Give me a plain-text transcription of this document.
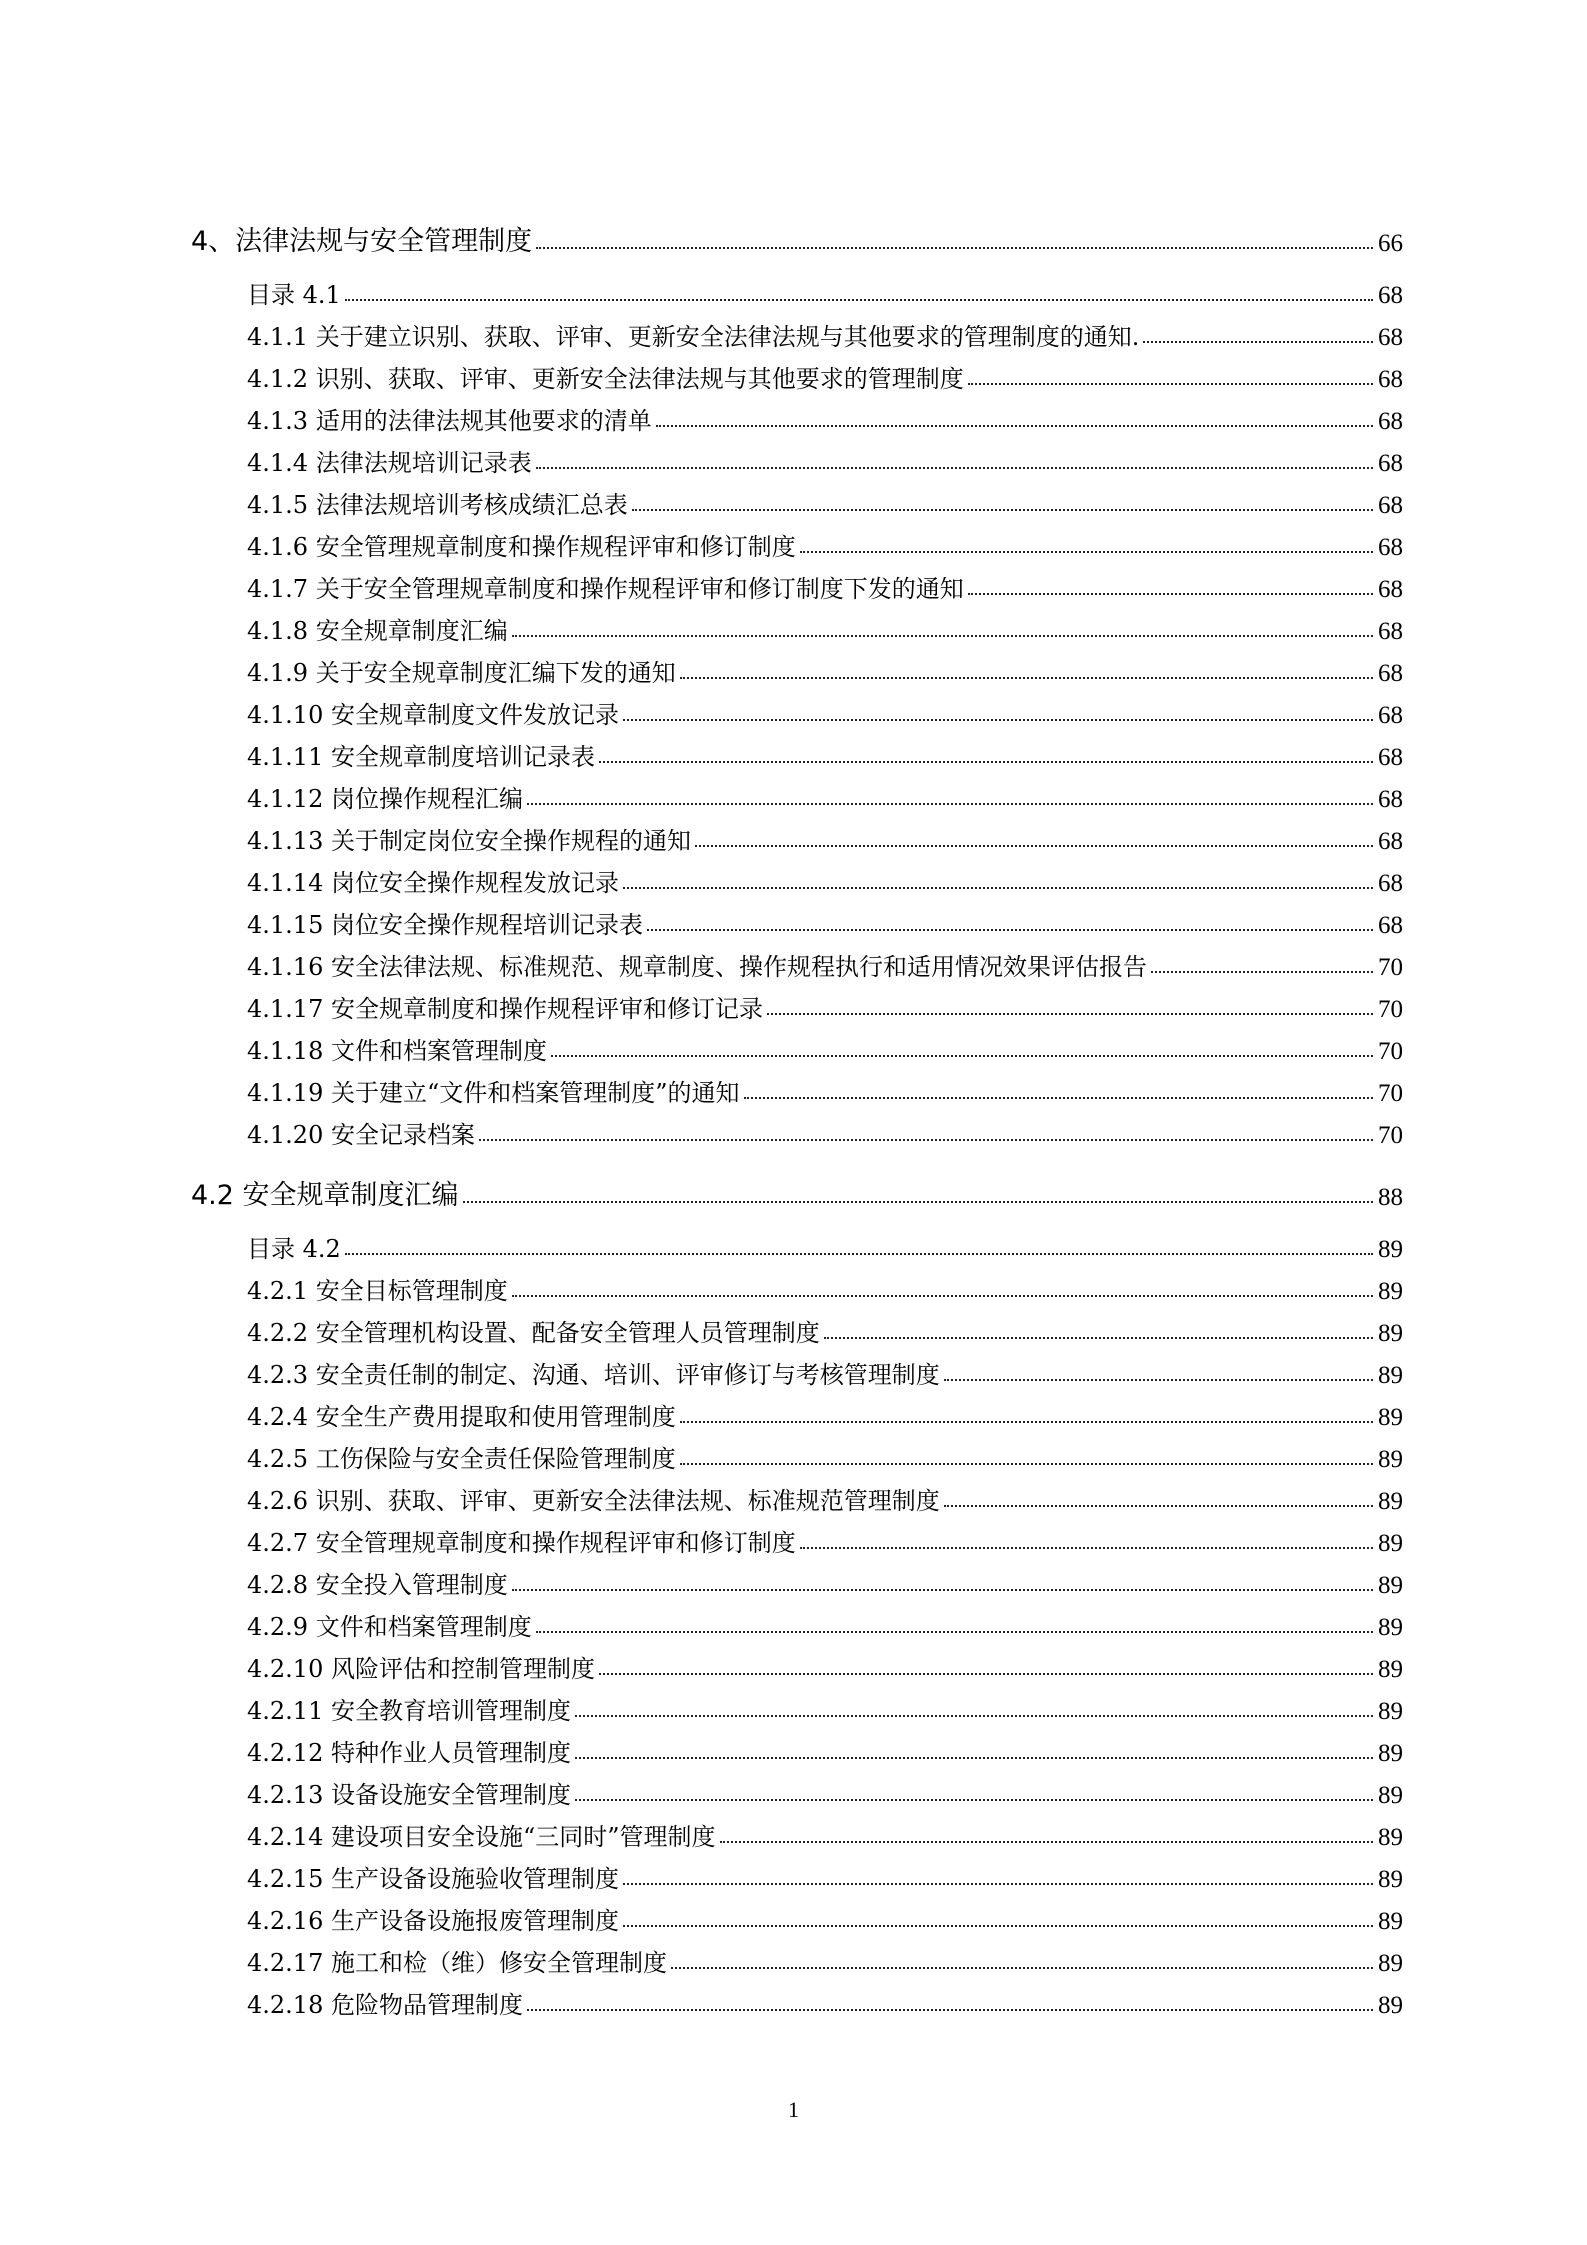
4、法律法规与安全管理制度	66
目录 4.1	68
4.1.1 关于建立识别、获取、评审、更新安全法律法规与其他要求的管理制度的通知.	68
4.1.2 识别、获取、评审、更新安全法律法规与其他要求的管理制度	68
4.1.3 适用的法律法规其他要求的清单	68
4.1.4 法律法规培训记录表	68
4.1.5 法律法规培训考核成绩汇总表	68
4.1.6 安全管理规章制度和操作规程评审和修订制度	68
4.1.7 关于安全管理规章制度和操作规程评审和修订制度下发的通知	68
4.1.8 安全规章制度汇编	68
4.1.9 关于安全规章制度汇编下发的通知	68
4.1.10 安全规章制度文件发放记录	68
4.1.11 安全规章制度培训记录表	68
4.1.12 岗位操作规程汇编	68
4.1.13 关于制定岗位安全操作规程的通知	68
4.1.14 岗位安全操作规程发放记录	68
4.1.15 岗位安全操作规程培训记录表	68
4.1.16 安全法律法规、标准规范、规章制度、操作规程执行和适用情况效果评估报告	70
4.1.17 安全规章制度和操作规程评审和修订记录	70
4.1.18 文件和档案管理制度	70
4.1.19 关于建立“文件和档案管理制度”的通知	70
4.1.20 安全记录档案	70
4.2 安全规章制度汇编	88
目录 4.2	89
4.2.1 安全目标管理制度	89
4.2.2 安全管理机构设置、配备安全管理人员管理制度	89
4.2.3 安全责任制的制定、沟通、培训、评审修订与考核管理制度	89
4.2.4 安全生产费用提取和使用管理制度	89
4.2.5 工伤保险与安全责任保险管理制度	89
4.2.6 识别、获取、评审、更新安全法律法规、标准规范管理制度	89
4.2.7 安全管理规章制度和操作规程评审和修订制度	89
4.2.8 安全投入管理制度	89
4.2.9 文件和档案管理制度	89
4.2.10 风险评估和控制管理制度	89
4.2.11 安全教育培训管理制度	89
4.2.12 特种作业人员管理制度	89
4.2.13 设备设施安全管理制度	89
4.2.14 建设项目安全设施“三同时”管理制度	89
4.2.15 生产设备设施验收管理制度	89
4.2.16 生产设备设施报废管理制度	89
4.2.17 施工和检（维）修安全管理制度	89
4.2.18 危险物品管理制度	89
1
